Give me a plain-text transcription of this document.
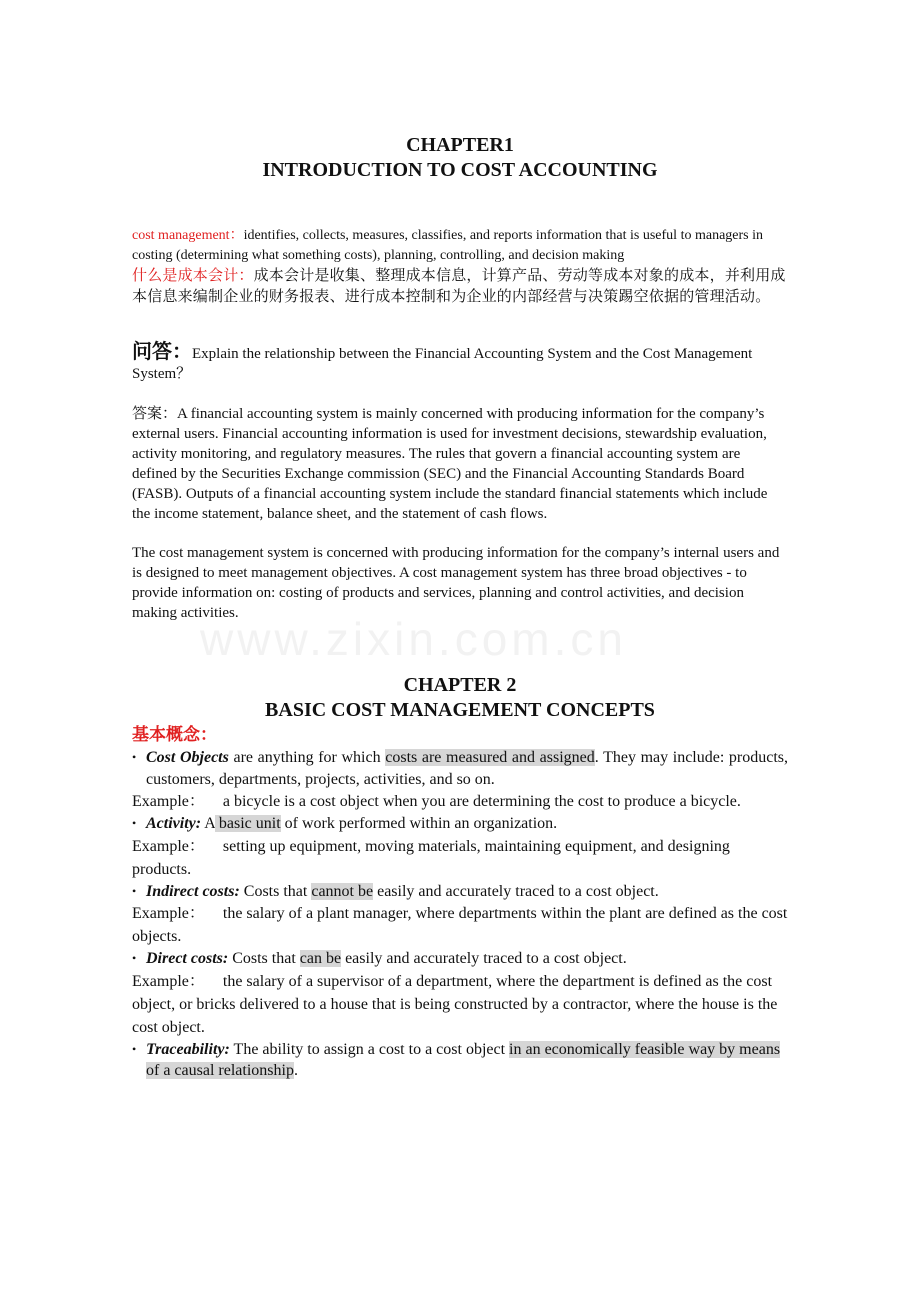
www.zixin.com.cn
CHAPTER1
INTRODUCTION TO COST ACCOUNTING

cost management：identifies, collects, measures, classifies, and reports information that is useful to managers in costing (determining what something costs), planning, controlling, and decision making

什么是成本会计：成本会计是收集、整理成本信息，计算产品、劳动等成本对象的成本，并利用成本信息来编制企业的财务报表、进行成本控制和为企业的内部经营与决策踢空依据的管理活动。

问答：Explain the relationship between the Financial Accounting System and the Cost Management System？

答案：A financial accounting system is mainly concerned with producing information for the company’s external users. Financial accounting information is used for investment decisions, stewardship evaluation, activity monitoring, and regulatory measures. The rules that govern a financial accounting system are defined by the Securities Exchange commission (SEC) and the Financial Accounting Standards Board (FASB). Outputs of a financial accounting system include the standard financial statements which include the income statement, balance sheet, and the statement of cash flows.

The cost management system is concerned with producing information for the company’s internal users and is designed to meet management objectives. A cost management system has three broad objectives - to provide information on: costing of products and services, planning and control activities, and decision making activities.

CHAPTER 2
BASIC COST MANAGEMENT CONCEPTS
基本概念：
• Cost Objects are anything for which costs are measured and assigned. They may include: products, customers, departments, projects, activities, and so on.
Example： a bicycle is a cost object when you are determining the cost to produce a bicycle.
• Activity: A basic unit of work performed within an organization.
Example： setting up equipment, moving materials, maintaining equipment, and designing products.
• Indirect costs: Costs that cannot be easily and accurately traced to a cost object.
Example： the salary of a plant manager, where departments within the plant are defined as the cost objects.
• Direct costs: Costs that can be easily and accurately traced to a cost object.
Example： the salary of a supervisor of a department, where the department is defined as the cost object, or bricks delivered to a house that is being constructed by a contractor, where the house is the cost object.
• Traceability: The ability to assign a cost to a cost object in an economically feasible way by means of a causal relationship.
